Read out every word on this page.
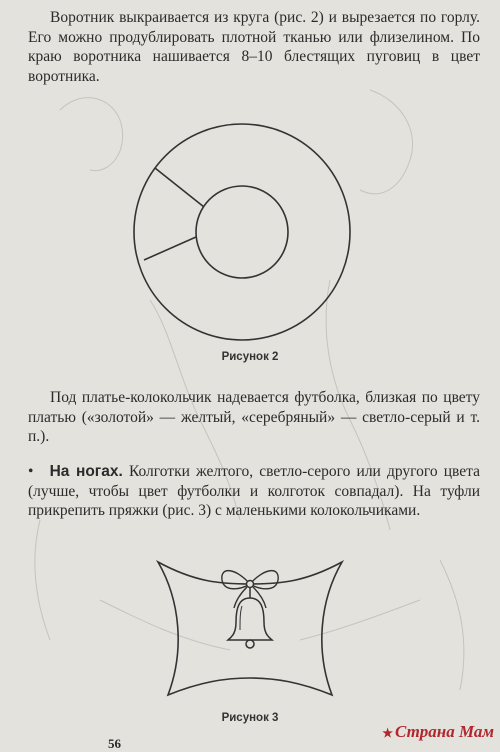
Воротник выкраивается из круга (рис. 2) и вырезается по горлу. Его можно продублировать плотной тканью или флизелином. По краю воротника нашивается 8–10 блестящих пуговиц в цвет воротника.

Рисунок 2

Под платье-колокольчик надевается футболка, близкая по цвету платью («золотой» — желтый, «серебряный» — светло-серый и т. п.).

• На ногах. Колготки желтого, светло-серого или другого цвета (лучше, чтобы цвет футболки и колготок совпадал). На туфли прикрепить пряжки (рис. 3) с маленькими колокольчиками.

Рисунок 3
56
★ Страна Мам
